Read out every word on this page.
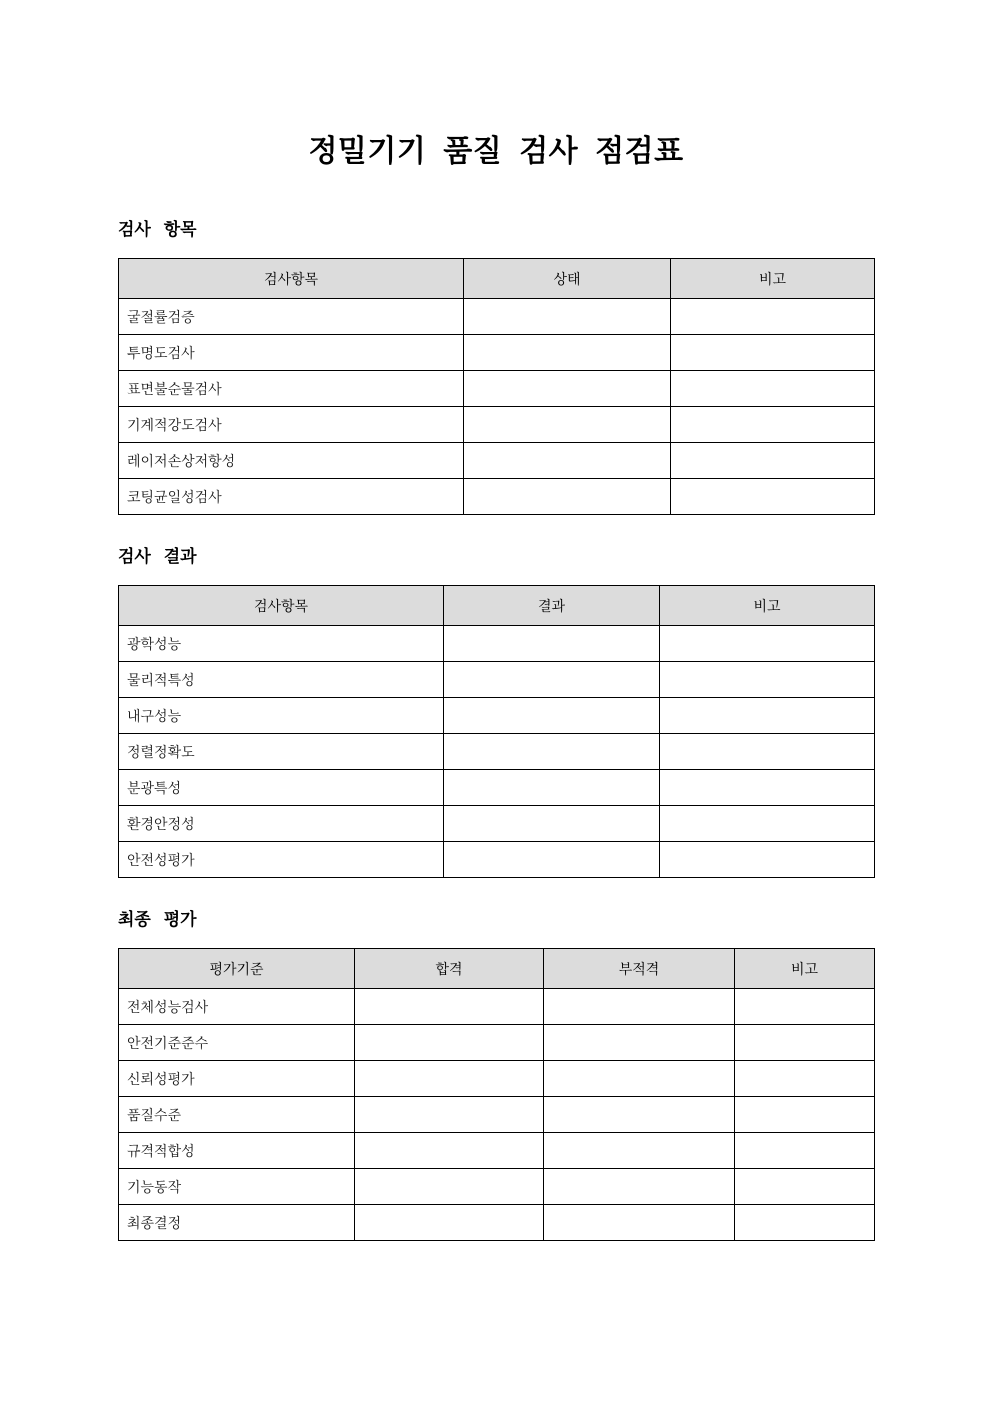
정밀기기 품질 검사 점검표
검사 항목
검사항목	상태	비고
굴절률검증		
투명도검사		
표면불순물검사		
기계적강도검사		
레이저손상저항성		
코팅균일성검사		
검사 결과
검사항목	결과	비고
광학성능		
물리적특성		
내구성능		
정렬정확도		
분광특성		
환경안정성		
안전성평가		
최종 평가
평가기준	합격	부적격	비고
전체성능검사			
안전기준준수			
신뢰성평가			
품질수준			
규격적합성			
기능동작			
최종결정			
